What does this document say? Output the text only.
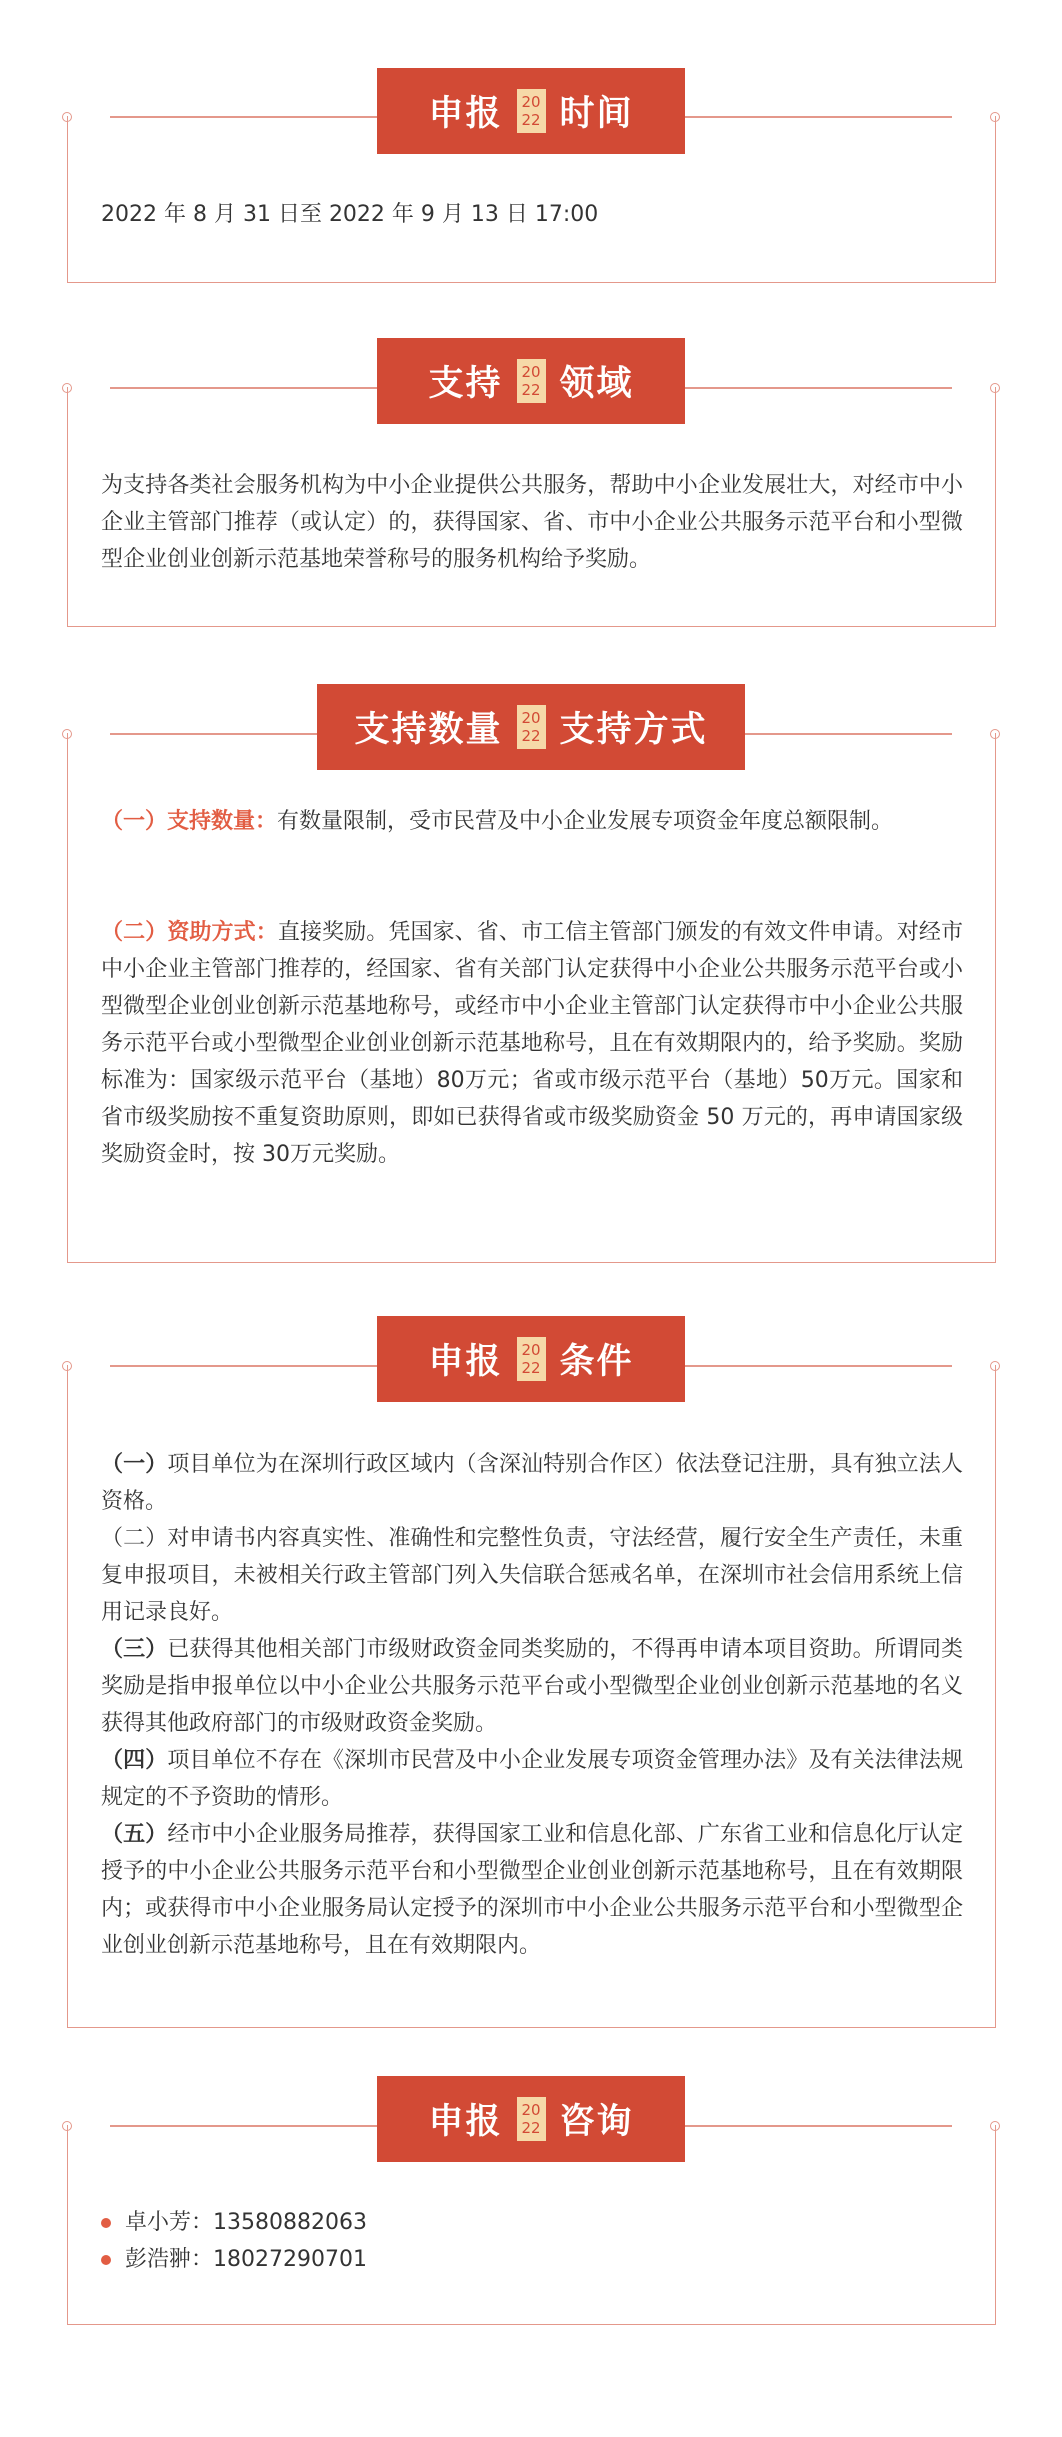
申报 20
22 时间
2022 年 8 月 31 日至 2022 年 9 月 13 日 17:00
支持 20
22 领域
为支持各类社会服务机构为中小企业提供公共服务，帮助中小企业发展壮大，对经市中小企业主管部门推荐（或认定）的，获得国家、省、市中小企业公共服务示范平台和小型微型企业创业创新示范基地荣誉称号的服务机构给予奖励。
支持数量 20
22 支持方式
（一）支持数量：有数量限制，受市民营及中小企业发展专项资金年度总额限制。
（二）资助方式：直接奖励。凭国家、省、市工信主管部门颁发的有效文件申请。对经市中小企业主管部门推荐的，经国家、省有关部门认定获得中小企业公共服务示范平台或小型微型企业创业创新示范基地称号，或经市中小企业主管部门认定获得市中小企业公共服务示范平台或小型微型企业创业创新示范基地称号，且在有效期限内的，给予奖励。奖励标准为：国家级示范平台（基地）80万元；省或市级示范平台（基地）50万元。国家和省市级奖励按不重复资助原则，即如已获得省或市级奖励资金 50 万元的，再申请国家级奖励资金时，按 30万元奖励。
申报 20
22 条件

（一）项目单位为在深圳行政区域内（含深汕特别合作区）依法登记注册，具有独立法人资格。

（二）对申请书内容真实性、准确性和完整性负责，守法经营，履行安全生产责任，未重复申报项目，未被相关行政主管部门列入失信联合惩戒名单，在深圳市社会信用系统上信用记录良好。

（三）已获得其他相关部门市级财政资金同类奖励的，不得再申请本项目资助。所谓同类奖励是指申报单位以中小企业公共服务示范平台或小型微型企业创业创新示范基地的名义获得其他政府部门的市级财政资金奖励。

（四）项目单位不存在《深圳市民营及中小企业发展专项资金管理办法》及有关法律法规规定的不予资助的情形。

（五）经市中小企业服务局推荐，获得国家工业和信息化部、广东省工业和信息化厅认定授予的中小企业公共服务示范平台和小型微型企业创业创新示范基地称号，且在有效期限内；或获得市中小企业服务局认定授予的深圳市中小企业公共服务示范平台和小型微型企业创业创新示范基地称号，且在有效期限内。

申报 20
22 咨询
卓小芳：13580882063
彭浩翀：18027290701
